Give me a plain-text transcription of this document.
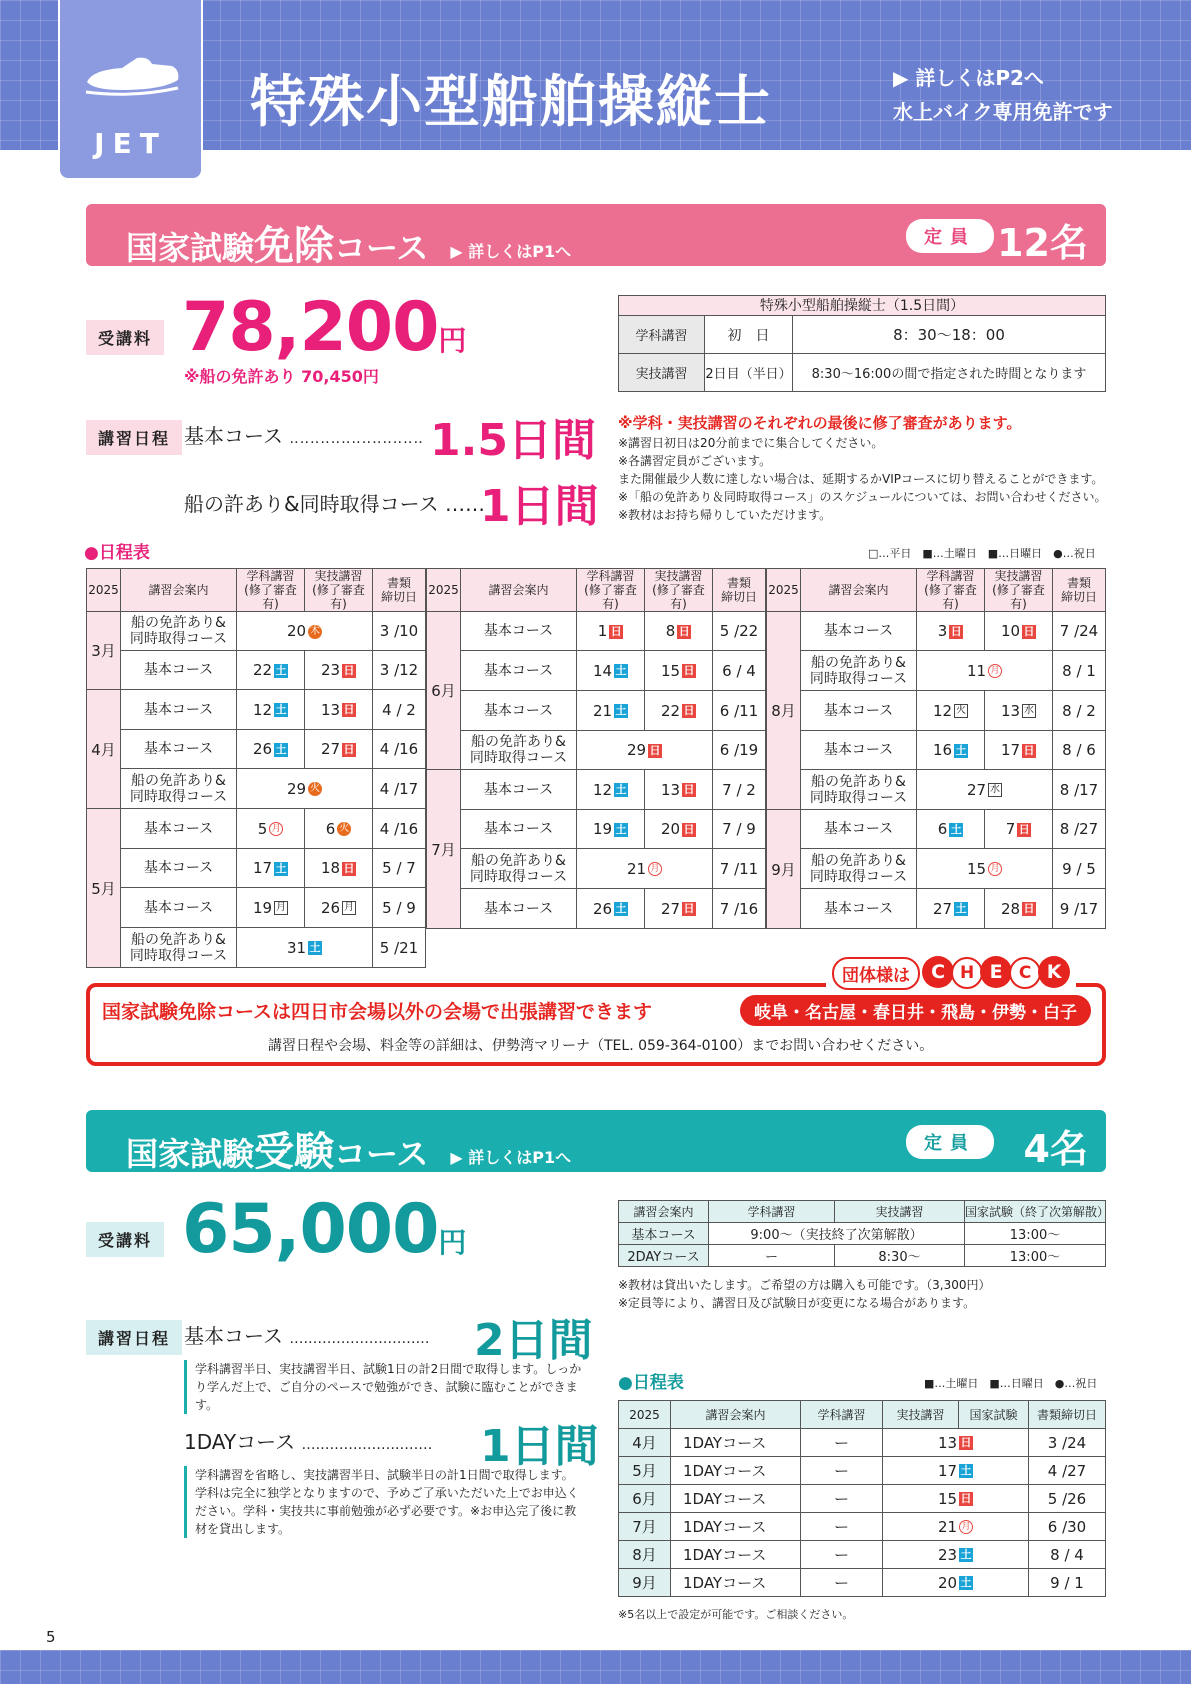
JET
特殊小型船舶操縦士	▶ 詳しくはP2へ
水上バイク専用免許です
国家試験免除コース ▶ 詳しくはP1へ
定員 12名
受講料 78,200円
※船の免許あり 70,450円
講習日程 基本コース ‥‥‥‥‥‥‥‥‥‥‥‥‥ 1.5日間
船の許あり&同時取得コース ‥‥‥
1日間
特殊小型船舶操縦士（1.5日間）		
学科講習	初　日	8：30〜18：00
実技講習	2日目（半日）	8:30〜16:00の間で指定された時間となります
※学科・実技講習のそれぞれの最後に修了審査があります。
※講習日初日は20分前までに集合してください。
※各講習定員がございます。
また開催最少人数に達しない場合は、延期するかVIPコースに切り替えることができます。
※「船の免許あり＆同時取得コース」のスケジュールについては、お問い合わせください。
※教材はお持ち帰りしていただけます。
●日程表	□…平日　■…土曜日　■…日曜日　●…祝日
2025	講習会案内	学科講習
(修了審査有)	実技講習
(修了審査有)	書類
締切日
3月	船の免許あり&
同時取得コース	20 木		3 /10
	基本コース	22 土	23 日	3 /12
4月	基本コース	12 土	13 日	4 / 2
	基本コース	26 土	27 日	4 /16
	船の免許あり&
同時取得コース	29 火		4 /17
5月	基本コース	5 月	6 火	4 /16
	基本コース	17 土	18 日	5 / 7
	基本コース	19 月	26 月	5 / 9
	船の免許あり&
同時取得コース	31 土		5 /21
2025	講習会案内	学科講習
(修了審査有)	実技講習
(修了審査有)	書類
締切日
6月	基本コース	1 日	8 日	5 /22
	基本コース	14 土	15 日	6 / 4
	基本コース	21 土	22 日	6 /11
	船の免許あり&
同時取得コース	29 日		6 /19
7月	基本コース	12 土	13 日	7 / 2
	基本コース	19 土	20 日	7 / 9
	船の免許あり&
同時取得コース	21 月		7 /11
	基本コース	26 土	27 日	7 /16
2025	講習会案内	学科講習
(修了審査有)	実技講習
(修了審査有)	書類
締切日
8月	基本コース	3 日	10 日	7 /24
	船の免許あり&
同時取得コース	11 月		8 / 1
	基本コース	12 火	13 水	8 / 2
	基本コース	16 土	17 日	8 / 6
	船の免許あり&
同時取得コース	27 水		8 /17
9月	基本コース	6 土	7 日	8 /27
	船の免許あり&
同時取得コース	15 月		9 / 5
	基本コース	27 土	28 日	9 /17
国家試験免除コースは四日市会場以外の会場で出張講習できます	岐阜・名古屋・春日井・飛島・伊勢・白子
講習日程や会場、料金等の詳細は、伊勢湾マリーナ（TEL. 059-364-0100）までお問い合わせください。
団体様は C H E C K
国家試験受験コース ▶ 詳しくはP1へ
定員	4名
受講料 65,000円
講習日程 基本コース ‥‥‥‥‥‥‥‥‥‥‥‥‥‥‥ 2日間
学科講習半日、実技講習半日、試験1日の計2日間で取得します。しっかり学んだ上で、ご自分のペースで勉強ができ、試験に臨むことができます。
1DAYコース ‥‥‥‥‥‥‥‥‥‥‥‥‥‥ 1日間
学科講習を省略し、実技講習半日、試験半日の計1日間で取得します。学科は完全に独学となりますので、予めご了承いただいた上でお申込ください。学科・実技共に事前勉強が必ず必要です。※お申込完了後に教材を貸出します。
講習会案内	学科講習	実技講習	国家試験（終了次第解散）
基本コース	9:00〜（実技終了次第解散）		13:00〜
2DAYコース	ー	8:30〜	13:00〜
※教材は貸出いたします。ご希望の方は購入も可能です。（3,300円）
※定員等により、講習日及び試験日が変更になる場合があります。
●日程表	■…土曜日　■…日曜日　●…祝日
2025	講習会案内	学科講習	実技講習	国家試験	書類締切日
4月	1DAYコース	ー	13 日		3 /24
5月	1DAYコース	ー	17 土		4 /27
6月	1DAYコース	ー	15 日		5 /26
7月	1DAYコース	ー	21 月		6 /30
8月	1DAYコース	ー	23 土		8 / 4
9月	1DAYコース	ー	20 土		9 / 1
※5名以上で設定が可能です。ご相談ください。
5
